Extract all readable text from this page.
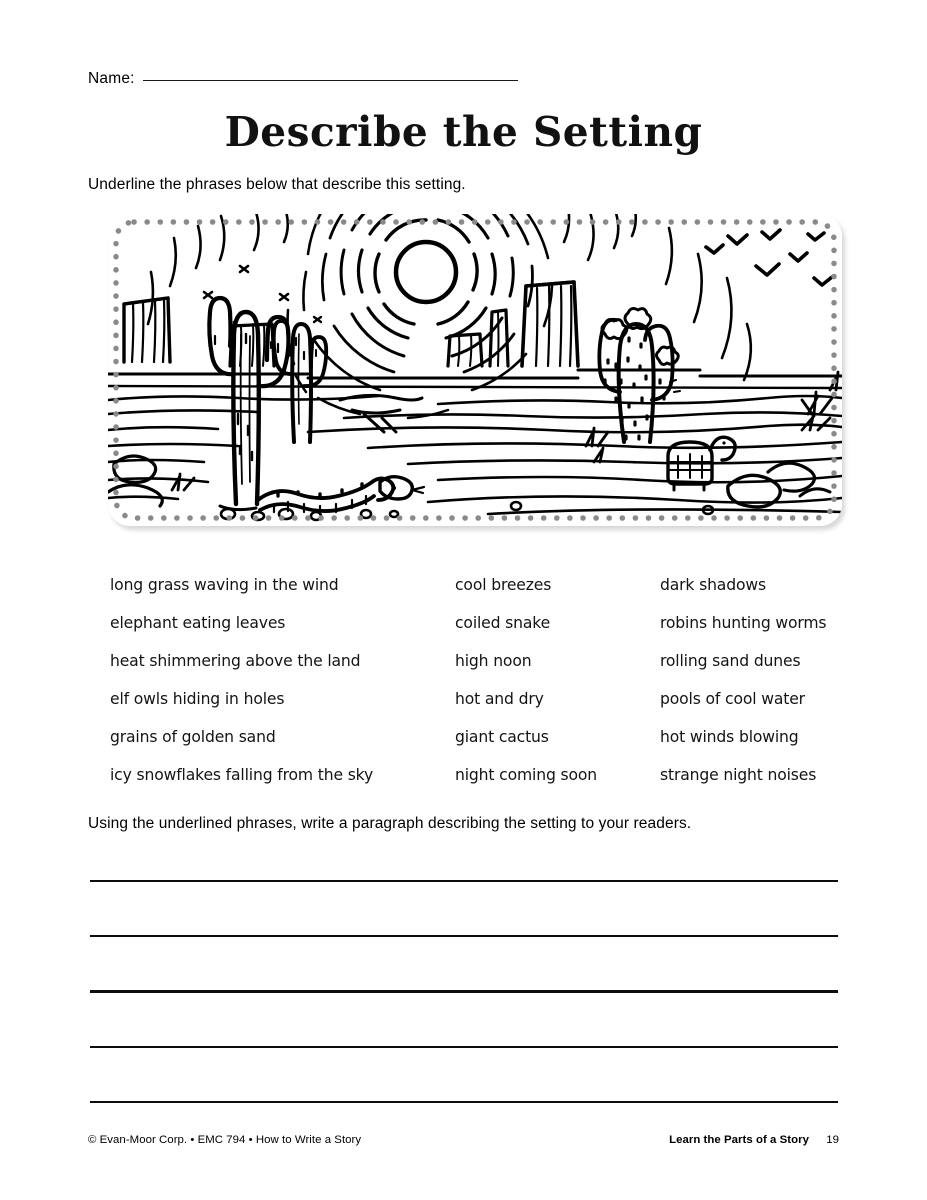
Name:
Describe the Setting
Underline the phrases below that describe this setting.
long grass waving in the wind	cool breezes	dark shadows
elephant eating leaves	coiled snake	robins hunting worms
heat shimmering above the land	high noon	rolling sand dunes
elf owls hiding in holes	hot and dry	pools of cool water
grains of golden sand	giant cactus	hot winds blowing
icy snowflakes falling from the sky	night coming soon	strange night noises
Using the underlined phrases, write a paragraph describing the setting to your readers.
© Evan-Moor Corp. • EMC 794 • How to Write a Story	Learn the Parts of a Story 19
